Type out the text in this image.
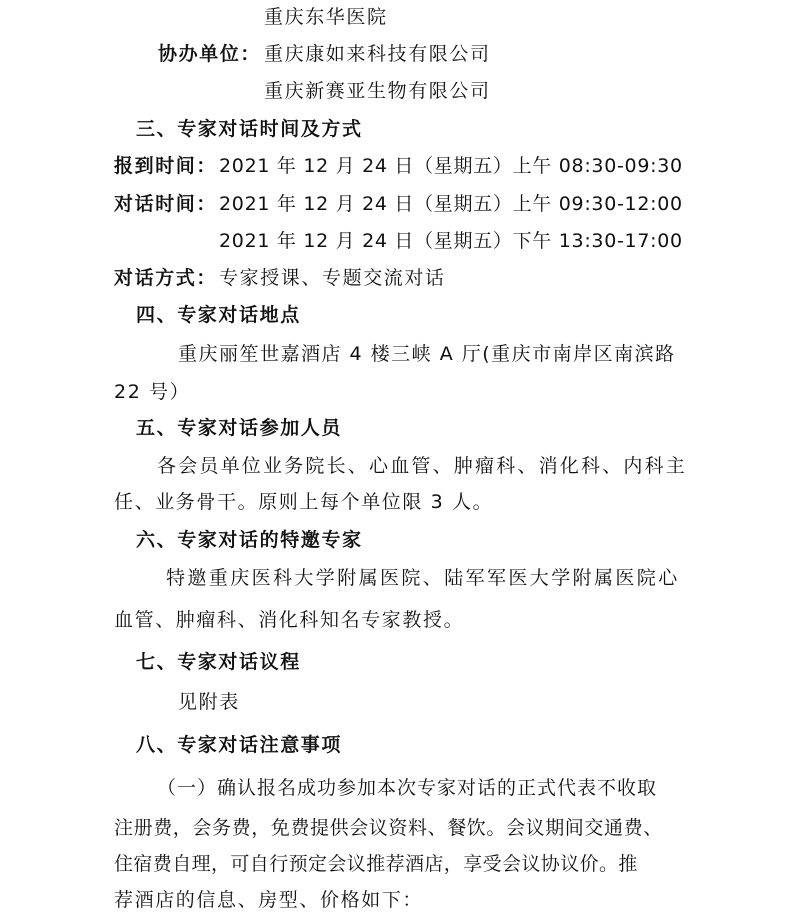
重庆东华医院
协办单位： 重庆康如来科技有限公司
重庆新赛亚生物有限公司
三、专家对话时间及方式
报到时间： 2021 年 12 月 24 日（星期五）上午 08:30-09:30
对话时间： 2021 年 12 月 24 日（星期五）上午 09:30-12:00
2021 年 12 月 24 日（星期五）下午 13:30-17:00
对话方式： 专家授课、专题交流对话
四、专家对话地点
重庆丽笙世嘉酒店 4 楼三峡 A 厅(重庆市南岸区南滨路
22 号）
五、专家对话参加人员
各会员单位业务院长、心血管、肿瘤科、消化科、内科主
任、业务骨干。原则上每个单位限 3 人。
六、专家对话的特邀专家
特邀重庆医科大学附属医院、陆军军医大学附属医院心
血管、肿瘤科、消化科知名专家教授。
七、专家对话议程
见附表
八、专家对话注意事项
（一）确认报名成功参加本次专家对话的正式代表不收取
注册费，会务费，免费提供会议资料、餐饮。会议期间交通费、
住宿费自理，可自行预定会议推荐酒店，享受会议协议价。推
荐酒店的信息、房型、价格如下：
